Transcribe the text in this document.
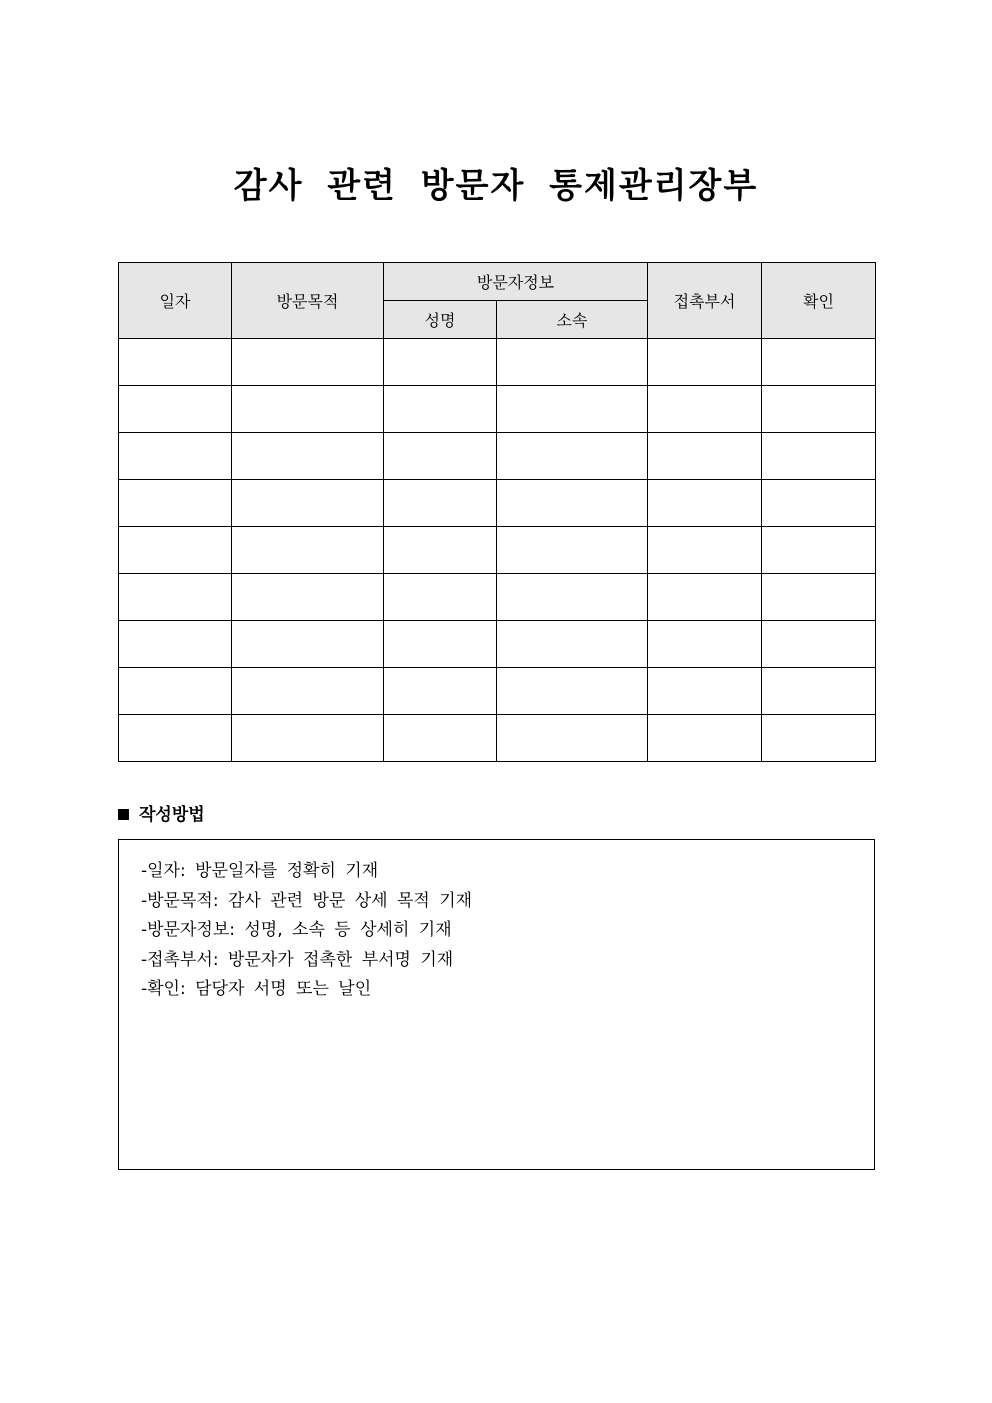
감사 관련 방문자 통제관리장부
일자	방문목적	방문자정보		접촉부서	확인
		성명	소속		

작성방법
-일자: 방문일자를 정확히 기재
-방문목적: 감사 관련 방문 상세 목적 기재
-방문자정보: 성명, 소속 등 상세히 기재
-접촉부서: 방문자가 접촉한 부서명 기재
-확인: 담당자 서명 또는 날인
